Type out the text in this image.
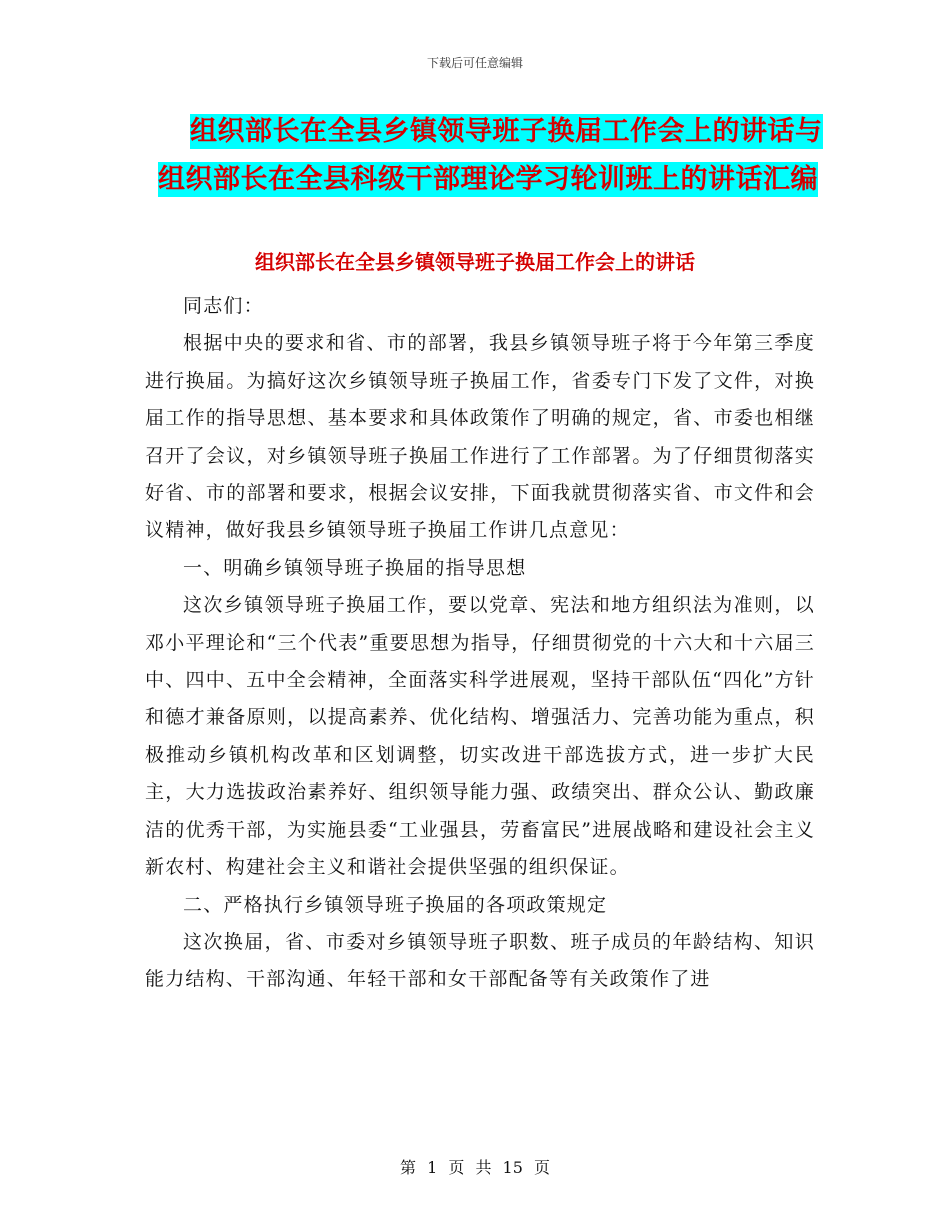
下载后可任意编辑
组织部长在全县乡镇领导班子换届工作会上的讲话与
组织部长在全县科级干部理论学习轮训班上的讲话汇编
组织部长在全县乡镇领导班子换届工作会上的讲话

同志们：

根据中央的要求和省、市的部署，我县乡镇领导班子将于今年第三季度进行换届。为搞好这次乡镇领导班子换届工作，省委专门下发了文件，对换届工作的指导思想、基本要求和具体政策作了明确的规定，省、市委也相继召开了会议，对乡镇领导班子换届工作进行了工作部署。为了仔细贯彻落实好省、市的部署和要求，根据会议安排，下面我就贯彻落实省、市文件和会议精神，做好我县乡镇领导班子换届工作讲几点意见：

一、明确乡镇领导班子换届的指导思想

这次乡镇领导班子换届工作，要以党章、宪法和地方组织法为准则，以邓小平理论和“三个代表”重要思想为指导，仔细贯彻党的十六大和十六届三中、四中、五中全会精神，全面落实科学进展观，坚持干部队伍“四化”方针和德才兼备原则，以提高素养、优化结构、增强活力、完善功能为重点，积极推动乡镇机构改革和区划调整，切实改进干部选拔方式，进一步扩大民主，大力选拔政治素养好、组织领导能力强、政绩突出、群众公认、勤政廉洁的优秀干部，为实施县委“工业强县，劳畜富民”进展战略和建设社会主义新农村、构建社会主义和谐社会提供坚强的组织保证。

二、严格执行乡镇领导班子换届的各项政策规定

这次换届，省、市委对乡镇领导班子职数、班子成员的年龄结构、知识能力结构、干部沟通、年轻干部和女干部配备等有关政策作了进

第 1 页 共 15 页
